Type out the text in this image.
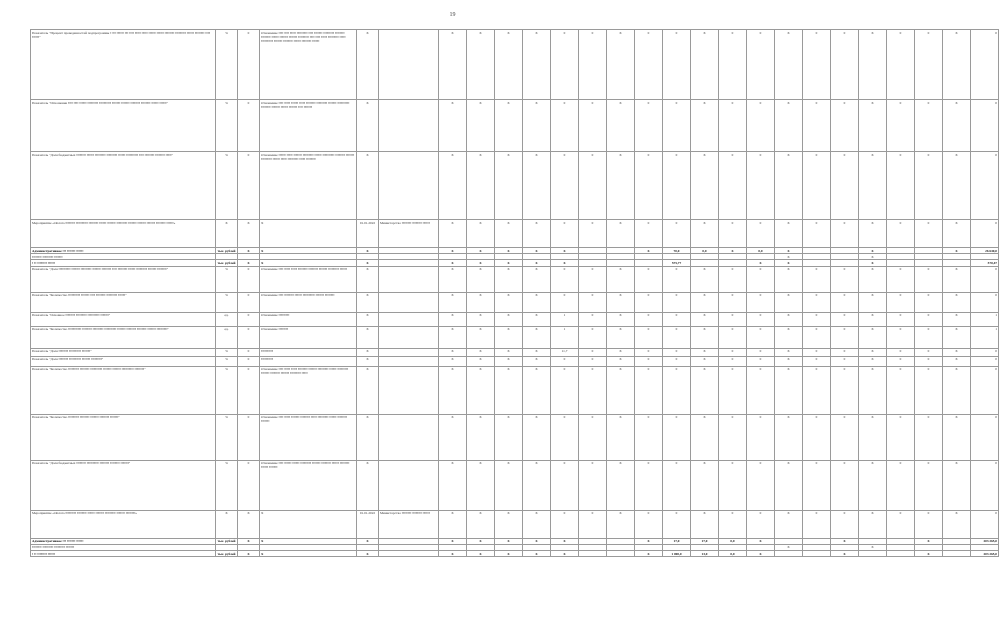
19
Показатель "Процент проведенностей подпрограммы ▪ ▪▪▪ ▪▪▪▪▪▪ ▪▪▪ ▪▪▪▪ ▪▪▪▪▪ ▪▪▪▪▪ ▪▪▪▪▪▪ ▪▪▪▪▪▪ ▪▪▪▪▪▪▪▪ ▪▪▪▪▪▪▪▪▪ ▪▪▪▪▪▪ ▪▪▪▪▪▪▪▪ ▪▪▪▪ ▪▪▪▪▪▪"	%	0	Отношение ▪▪▪▪ ▪▪▪▪ ▪▪▪▪▪ ▪▪▪▪▪▪▪▪▪ ▪▪▪▪ ▪▪▪▪▪▪▪ ▪▪▪▪▪▪▪▪▪ ▪▪▪▪▪▪▪▪ ▪▪▪▪▪▪▪▪ ▪▪▪▪▪▪ ▪▪▪▪▪▪▪ ▪▪▪▪▪▪▪ ▪▪▪▪▪▪▪▪▪ ▪▪▪▪ ▪▪▪▪ ▪▪▪▪▪ ▪▪▪▪▪▪▪▪▪ ▪▪▪▪▪ ▪▪▪▪▪▪▪▪▪▪ ▪▪▪▪▪▪▪ ▪▪▪▪▪▪▪▪ ▪▪▪▪▪▪ ▪▪▪▪▪▪▪▪ ▪▪▪▪▪▪	X		X	X	X	X	0	0	X	0	0	X	0	0	X	0	0	X	0	0	X	0
Показатель "Отношение ▪▪▪▪ ▪▪▪▪ ▪▪▪▪▪▪ ▪▪▪▪▪▪▪▪▪ ▪▪▪▪▪▪▪▪▪▪ ▪▪▪▪▪▪▪ ▪▪▪▪▪▪▪ ▪▪▪▪▪▪▪▪ ▪▪▪▪▪▪▪▪ ▪▪▪▪▪▪ ▪▪▪▪▪▪"	%	0	Отношение ▪▪▪▪ ▪▪▪▪▪ ▪▪▪▪▪▪ ▪▪▪▪▪ ▪▪▪▪▪▪▪▪ ▪▪▪▪▪▪▪▪▪ ▪▪▪▪▪▪▪ ▪▪▪▪▪▪▪▪▪▪ ▪▪▪▪▪▪▪▪ ▪▪▪▪▪▪▪ ▪▪▪▪▪▪ ▪▪▪▪▪▪▪ ▪▪▪▪ ▪▪▪▪▪▪▪	X		X	X	X	X	0	0	X	0	0	X	0	0	X	0	0	X	0	0	X	0
Показатель "Доля бюджетных ▪▪▪▪▪▪▪▪ ▪▪▪▪▪▪ ▪▪▪▪▪▪▪▪▪ ▪▪▪▪▪▪▪▪▪ ▪▪▪▪▪▪ ▪▪▪▪▪▪▪▪▪▪ ▪▪▪▪ ▪▪▪▪▪▪▪▪ ▪▪▪▪▪▪▪▪ ▪▪▪▪▪"	%	0	Отношение ▪▪▪▪▪▪ ▪▪▪▪▪ ▪▪▪▪▪▪▪ ▪▪▪▪▪▪▪▪▪ ▪▪▪▪▪▪ ▪▪▪▪▪▪▪▪▪▪ ▪▪▪▪▪▪▪▪ ▪▪▪▪▪▪▪ ▪▪▪▪▪▪▪▪▪ ▪▪▪▪▪▪ ▪▪▪▪▪ ▪▪▪▪▪▪▪▪▪ ▪▪▪▪▪ ▪▪▪▪▪▪▪▪	X		X	X	X	X	0	0	X	0	0	X	0	0	X	0	0	X	0	0	X	0
Мероприятие «Оплата ▪▪▪▪▪▪▪▪ ▪▪▪▪▪▪▪▪▪▪ ▪▪▪▪▪▪▪▪ ▪▪▪▪▪▪ ▪▪▪▪▪▪▪ ▪▪▪▪▪▪▪▪▪ ▪▪▪▪▪▪▪ ▪▪▪▪▪▪▪ ▪▪▪▪▪▪▪ ▪▪▪▪▪▪▪▪ ▪▪▪▪▪▪»	X	X	X	01.01.2022	Министерство ▪▪▪▪▪▪▪▪ ▪▪▪▪▪▪▪▪ ▪▪▪▪▪▪	X	X	X	X	0	0	X	0	0	X	0	0	X	0	0	X	0	0	X	0
Административное ▪▪▪ ▪▪▪▪▪▪▪ ▪▪▪▪▪▪	тыс. рублей	X	X	X		X	X	X	X	X			X	70,0	0,0	X	0,0	X			X			X	26 640,0
▪▪▪▪▪▪▪▪ ▪▪▪▪▪▪▪▪▪ ▪▪▪▪▪▪▪																		X			X				
▪ ▪▪ ▪▪▪▪▪▪▪▪ ▪▪▪▪▪▪	тыс. рублей	X	X	X		X	X	X	X	X				575,77			X	X			X				570,47
Показатель "Доля ▪▪▪▪▪▪▪▪▪▪ ▪▪▪▪▪▪▪ ▪▪▪▪▪▪▪▪▪ ▪▪▪▪▪▪▪ ▪▪▪▪▪▪▪▪ ▪▪▪▪ ▪▪▪▪▪▪▪▪ ▪▪▪▪▪▪ ▪▪▪▪▪▪▪▪▪ ▪▪▪▪▪▪▪ ▪▪▪▪▪▪▪▪"	%	0	Отношение ▪▪▪▪ ▪▪▪▪▪ ▪▪▪▪▪ ▪▪▪▪▪▪▪▪ ▪▪▪▪▪▪▪▪ ▪▪▪▪▪▪▪ ▪▪▪▪▪▪▪▪▪ ▪▪▪▪▪▪	X		X	X	X	X	0	0	X	0	0	X	0	0	X	0	0	X	0	0	X	0
Показатель "Количество ▪▪▪▪▪▪▪▪▪▪ ▪▪▪▪▪▪▪ ▪▪▪▪ ▪▪▪▪▪▪▪▪ ▪▪▪▪▪▪▪▪▪ ▪▪▪▪▪▪"	%	0	Отношение ▪▪▪▪ ▪▪▪▪▪▪▪▪ ▪▪▪▪▪▪ ▪▪▪▪▪▪▪▪▪▪ ▪▪▪▪▪▪▪ ▪▪▪▪▪▪▪▪	X		X	X	X	X	0	0	X	0	0	X	0	0	X	0	0	X	0	0	X	0
Показатель "Основное ▪▪▪▪▪▪▪▪ ▪▪▪▪▪▪▪▪▪ ▪▪▪▪▪▪▪▪▪▪ ▪▪▪▪▪▪▪"	ед.	0	Отношение ▪▪▪▪▪▪▪▪▪	X		X	X	X	X	1	0	X	0	0	X	0	0	X	0	0	X	0	0	X	1
Показатель "Количество ▪▪▪▪▪▪▪▪▪▪▪ ▪▪▪▪▪▪▪▪ ▪▪▪▪▪▪▪▪▪ ▪▪▪▪▪▪▪▪▪▪ ▪▪▪▪▪▪▪ ▪▪▪▪▪▪▪▪ ▪▪▪▪▪▪▪▪ ▪▪▪▪▪▪▪ ▪▪▪▪▪▪▪▪▪"	ед.	0	Отношение ▪▪▪▪▪▪▪▪	X		X	X	X	X	1	0	X	0	0	X	0	0	X	0	0	X	0	0	X	1
Показатель "Доля ▪▪▪▪▪▪▪▪ ▪▪▪▪▪▪▪▪▪▪ ▪▪▪▪▪▪▪"	%	0	▪▪▪▪▪▪▪▪▪▪	X		X	X	X	X	11,7	0	X	0	0	X	0	0	X	0	0	X	0	0	X	0
Показатель "Доля ▪▪▪▪▪▪▪▪ ▪▪▪▪▪▪▪▪▪▪ ▪▪▪▪▪▪▪ ▪▪▪▪▪▪▪▪▪"	%	0	▪▪▪▪▪▪▪▪▪▪	X		X	X	X	X	0	0	X	0	0	X	0	0	X	0	0	X	0	0	X	0
Показатель "Количество ▪▪▪▪▪▪▪▪▪ ▪▪▪▪▪▪▪▪ ▪▪▪▪▪▪▪▪▪▪ ▪▪▪▪▪▪▪ ▪▪▪▪▪▪▪ ▪▪▪▪▪▪▪▪▪▪ ▪▪▪▪▪▪▪▪"	%	0	Отношение ▪▪▪▪ ▪▪▪▪▪ ▪▪▪▪▪ ▪▪▪▪▪▪▪▪ ▪▪▪▪▪▪▪ ▪▪▪▪▪▪▪▪▪ ▪▪▪▪▪▪ ▪▪▪▪▪▪▪▪▪ ▪▪▪▪▪▪▪ ▪▪▪▪▪▪▪▪ ▪▪▪▪▪▪▪ ▪▪▪▪▪▪▪▪▪ ▪▪▪▪▪	X		X	X	X	X	0	0	X	0	0	X	0	0	X	0	0	X	0	0	X	0
Показатель "Количество ▪▪▪▪▪▪▪▪▪ ▪▪▪▪▪▪▪▪ ▪▪▪▪▪▪▪ ▪▪▪▪▪▪▪▪ ▪▪▪▪▪▪▪"	%	0	Отношение ▪▪▪▪ ▪▪▪▪▪ ▪▪▪▪▪▪▪ ▪▪▪▪▪▪▪▪ ▪▪▪▪▪ ▪▪▪▪▪▪▪▪▪ ▪▪▪▪▪▪ ▪▪▪▪▪▪▪▪ ▪▪▪▪▪▪▪	X		X	X	X	X	0	0	X	0	0	X	0	0	X	0	0	X	0	0	X	0
Показатель "Доля бюджетных ▪▪▪▪▪▪▪▪ ▪▪▪▪▪▪▪▪▪▪ ▪▪▪▪▪▪▪▪ ▪▪▪▪▪▪▪▪ ▪▪▪▪▪▪▪"	%	0	Отношение ▪▪▪▪ ▪▪▪▪▪▪ ▪▪▪▪▪▪ ▪▪▪▪▪▪▪▪▪ ▪▪▪▪▪▪▪ ▪▪▪▪▪▪▪▪ ▪▪▪▪▪▪ ▪▪▪▪▪▪▪▪ ▪▪▪▪▪▪ ▪▪▪▪▪▪▪	X		X	X	X	X	0	0	X	0	0	X	0	0	X	0	0	X	0	0	X	0
Мероприятие «Оплата ▪▪▪▪▪▪▪▪▪ ▪▪▪▪▪▪▪▪ ▪▪▪▪▪▪ ▪▪▪▪▪▪▪ ▪▪▪▪▪▪▪▪▪ ▪▪▪▪▪▪▪ ▪▪▪▪▪▪▪▪»	X	X	X	01.01.2022	Министерство ▪▪▪▪▪▪▪▪ ▪▪▪▪▪▪▪▪ ▪▪▪▪▪▪	X	X	X	X	0	0	X	0	0	X	0	0	X	0	0	X	0	0	X	0
Административное ▪▪▪ ▪▪▪▪▪▪▪ ▪▪▪▪▪▪	тыс. рублей	X	X	X		X	X	X	X	X			X	17,0	17,0	0,0	X			X			X		203 265,0
▪▪▪▪▪▪▪▪ ▪▪▪▪▪▪▪▪▪ ▪▪▪▪▪▪▪▪▪ ▪▪▪▪▪▪▪																		X			X				
▪ ▪▪ ▪▪▪▪▪▪▪▪ ▪▪▪▪▪▪	тыс. рублей	X	X	X		X	X	X	X	X			X	1 000,0	13,0	0,0	X			X			X		203 265,0
